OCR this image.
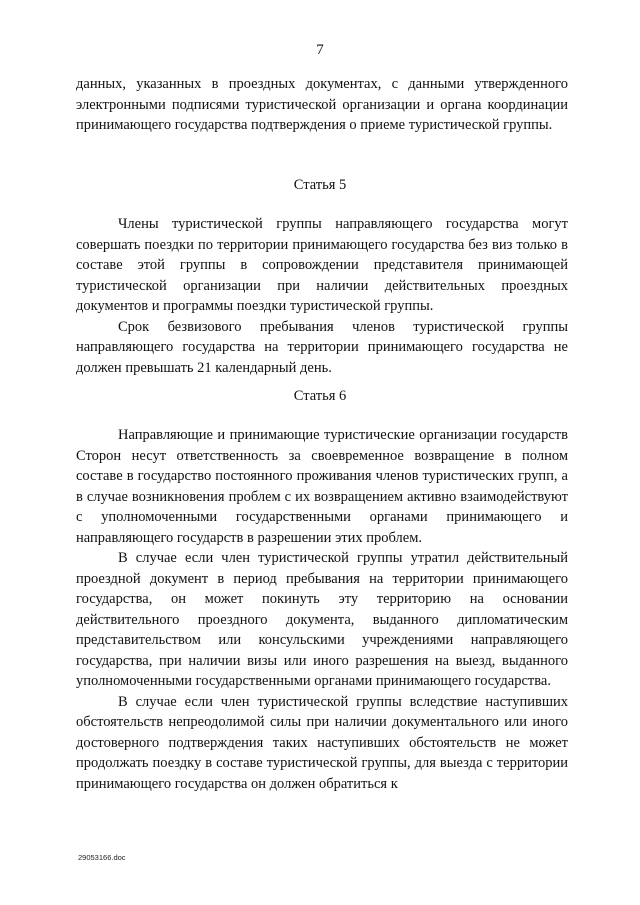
7

данных, указанных в проездных документах, с данными утвержденного электронными подписями туристической организации и органа координации принимающего государства подтверждения о приеме туристической группы.

Статья 5

Члены туристической группы направляющего государства могут совершать поездки по территории принимающего государства без виз только в составе этой группы в сопровождении представителя принимающей туристической организации при наличии действительных проездных документов и программы поездки туристической группы.

Срок безвизового пребывания членов туристической группы направляющего государства на территории принимающего государства не должен превышать 21 календарный день.

Статья 6

Направляющие и принимающие туристические организации государств Сторон несут ответственность за своевременное возвращение в полном составе в государство постоянного проживания членов туристических групп, а в случае возникновения проблем с их возвращением активно взаимодействуют с уполномоченными государственными органами принимающего и направляющего государств в разрешении этих проблем.

В случае если член туристической группы утратил действительный проездной документ в период пребывания на территории принимающего государства, он может покинуть эту территорию на основании действительного проездного документа, выданного дипломатическим представительством или консульскими учреждениями направляющего государства, при наличии визы или иного разрешения на выезд, выданного уполномоченными государственными органами принимающего государства.

В случае если член туристической группы вследствие наступивших обстоятельств непреодолимой силы при наличии документального или иного достоверного подтверждения таких наступивших обстоятельств не может продолжать поездку в составе туристической группы, для выезда с территории принимающего государства он должен обратиться к

29053166.doc
